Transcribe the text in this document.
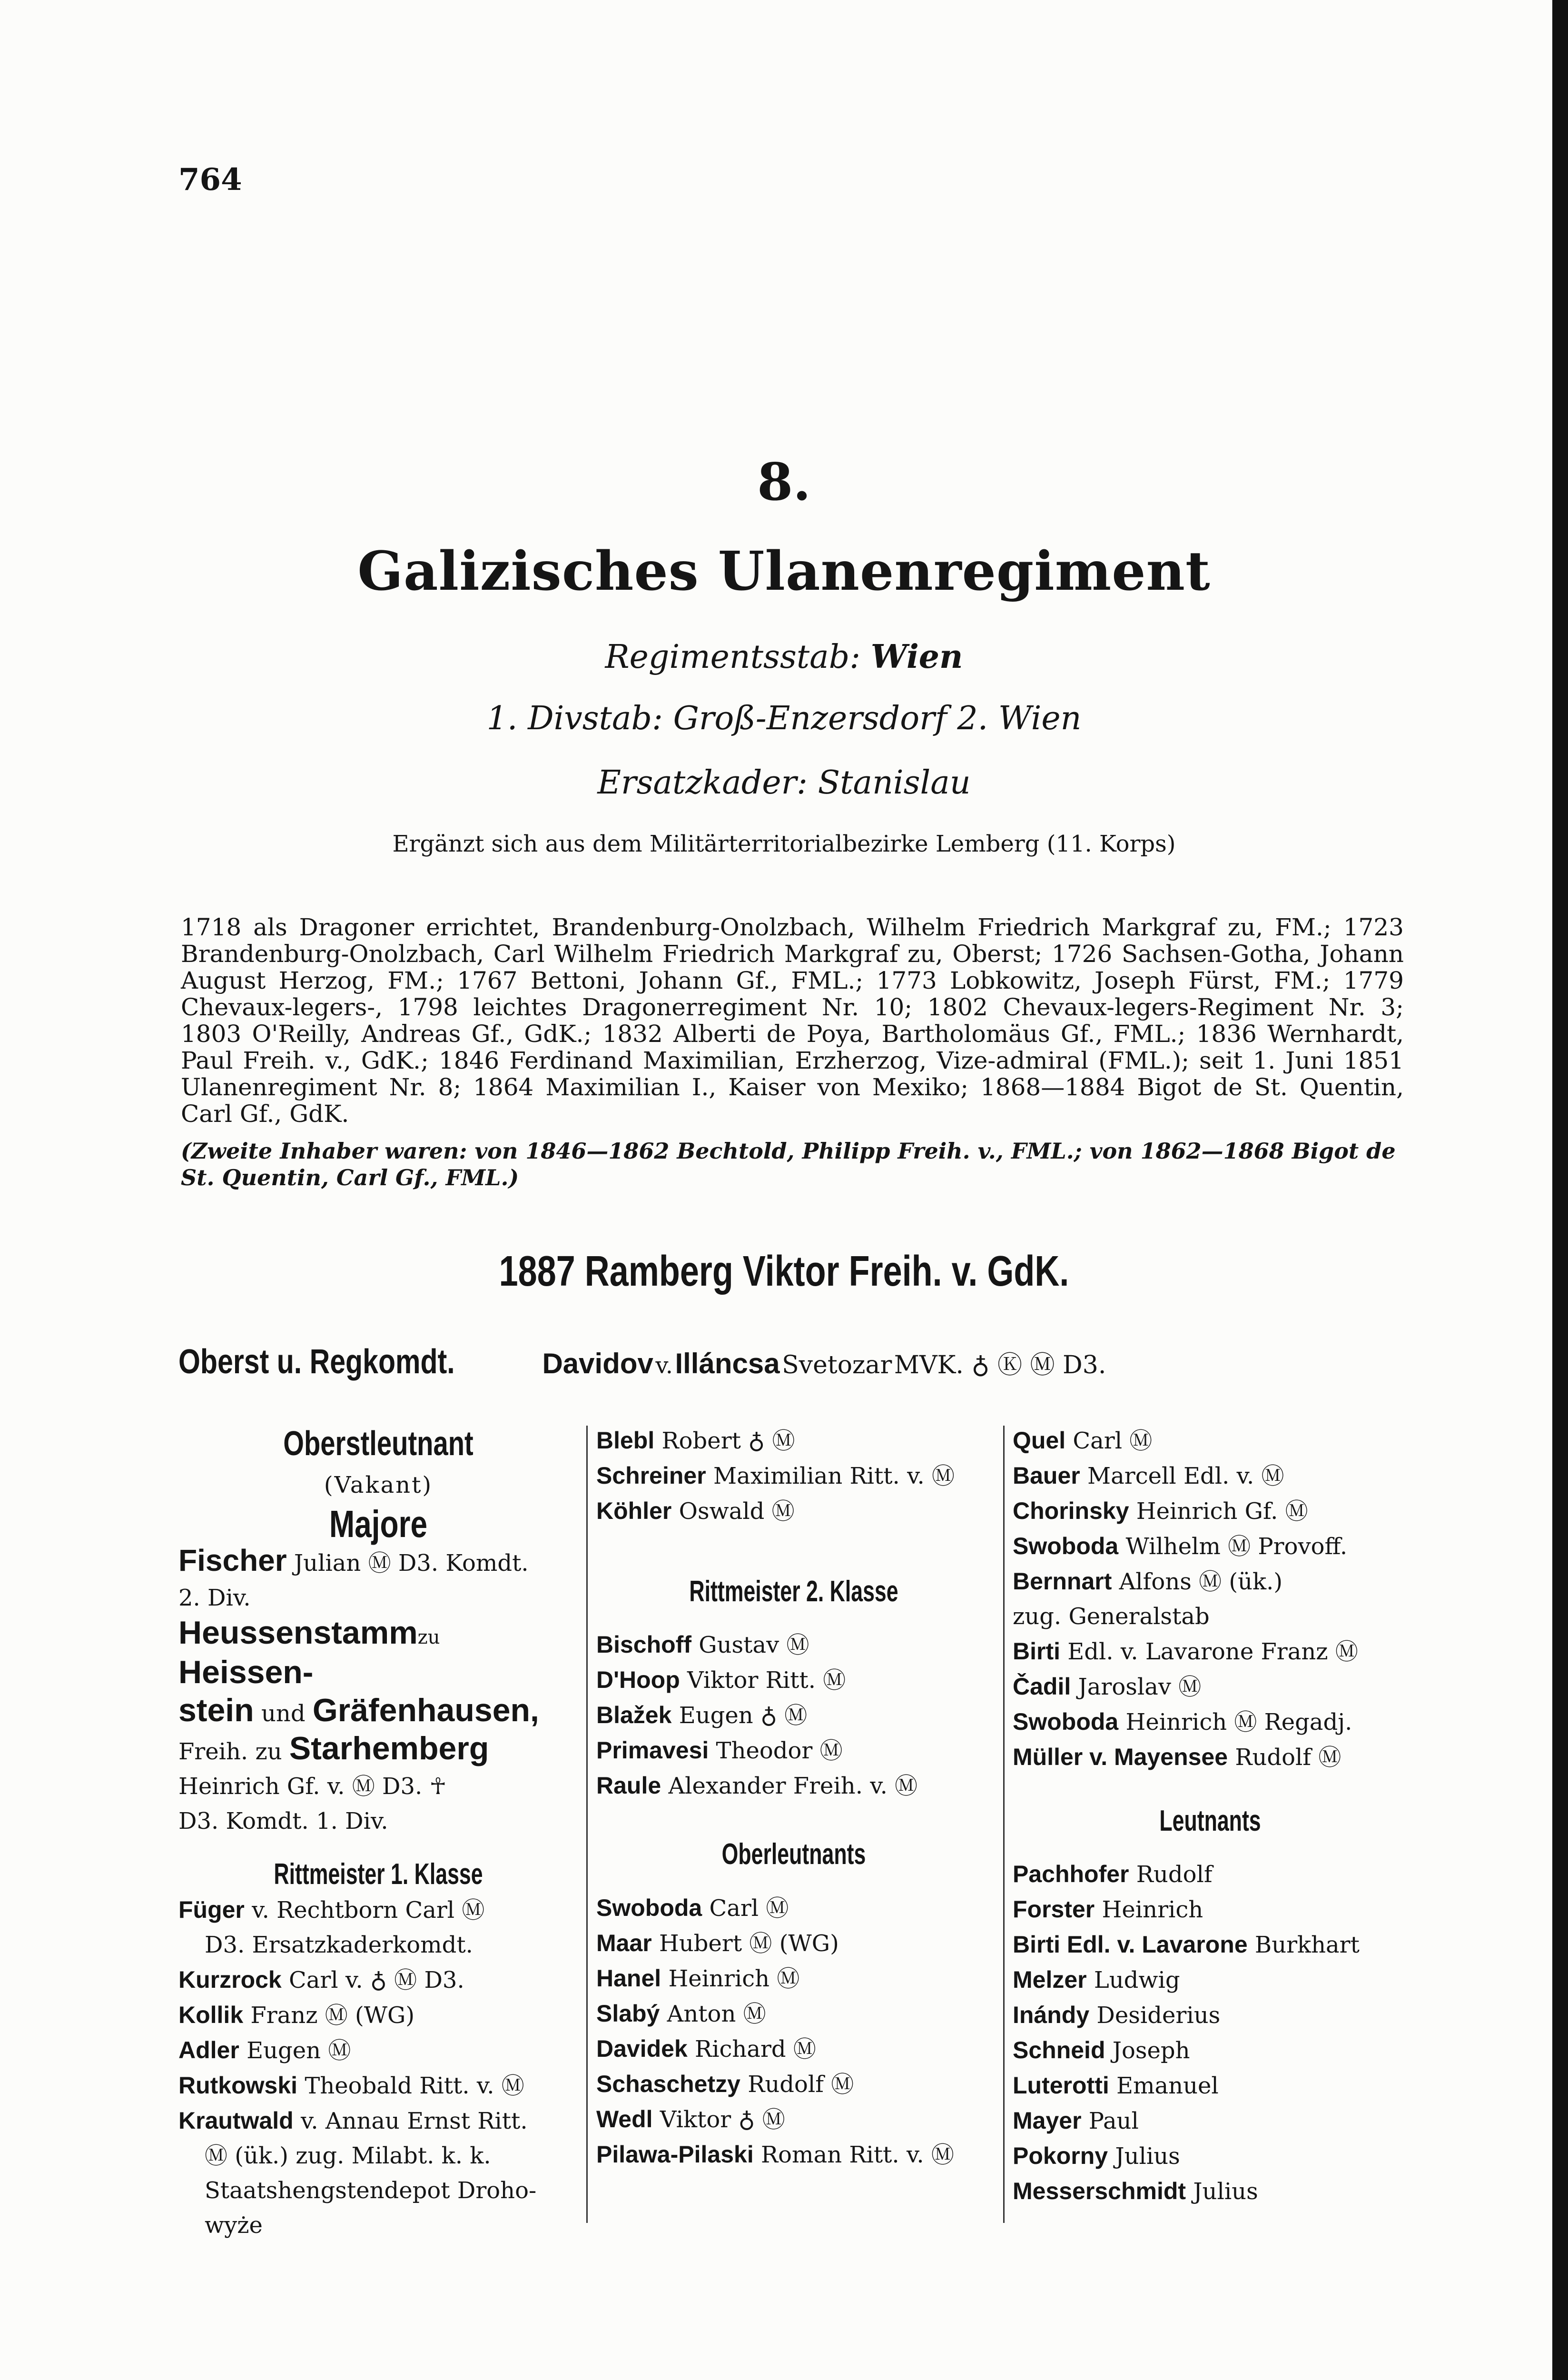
764
8.
Galizisches Ulanenregiment
Regimentsstab: Wien
1. Divstab: Groß-Enzersdorf 2. Wien
Ersatzkader: Stanislau
Ergänzt sich aus dem Militärterritorialbezirke Lemberg (11. Korps)
1718 als Dragoner errichtet, Brandenburg-Onolzbach, Wilhelm Friedrich Markgraf zu, FM.; 1723 Brandenburg-Onolzbach, Carl Wilhelm Friedrich Markgraf zu, Oberst; 1726 Sachsen-Gotha, Johann August Herzog, FM.; 1767 Bettoni, Johann Gf., FML.; 1773 Lobkowitz, Joseph Fürst, FM.; 1779 Chevaux-legers-, 1798 leichtes Dragonerregiment Nr. 10; 1802 Chevaux-legers-Regiment Nr. 3; 1803 O'Reilly, Andreas Gf., GdK.; 1832 Alberti de Poya, Bartholomäus Gf., FML.; 1836 Wernhardt, Paul Freih. v., GdK.; 1846 Ferdinand Maximilian, Erzherzog, Vize-admiral (FML.); seit 1. Juni 1851 Ulanenregiment Nr. 8; 1864 Maximilian I., Kaiser von Mexiko; 1868—1884 Bigot de St. Quentin, Carl Gf., GdK.
(Zweite Inhaber waren: von 1846—1862 Bechtold, Philipp Freih. v., FML.; von 1862—1868 Bigot de St. Quentin, Carl Gf., FML.)
1887 Ramberg Viktor Freih. v. GdK.
Oberst u. Regkomdt.	Davidov v. Illáncsa Svetozar MVK. ♁ Ⓚ Ⓜ D3.
Oberstleutnant
(Vakant)
Majore
Fischer Julian Ⓜ D3. Komdt.
2. Div.
Heussenstammzu Heissen-
stein und Gräfenhausen,
Freih. zu Starhemberg
Heinrich Gf. v. Ⓜ D3. ☥
D3. Komdt. 1. Div.
Rittmeister 1. Klasse
Füger v. Rechtborn Carl Ⓜ
D3. Ersatzkaderkomdt.
Kurzrock Carl v. ♁ Ⓜ D3.
Kollik Franz Ⓜ (WG)
Adler Eugen Ⓜ
Rutkowski Theobald Ritt. v. Ⓜ
Krautwald v. Annau Ernst Ritt.
Ⓜ (ük.) zug. Milabt. k. k.
Staatshengstendepot Droho-
wyże
Blebl Robert ♁ Ⓜ
Schreiner Maximilian Ritt. v. Ⓜ
Köhler Oswald Ⓜ
Rittmeister 2. Klasse
Bischoff Gustav Ⓜ
D'Hoop Viktor Ritt. Ⓜ
Blažek Eugen ♁ Ⓜ
Primavesi Theodor Ⓜ
Raule Alexander Freih. v. Ⓜ
Oberleutnants
Swoboda Carl Ⓜ
Maar Hubert Ⓜ (WG)
Hanel Heinrich Ⓜ
Slabý Anton Ⓜ
Davidek Richard Ⓜ
Schaschetzy Rudolf Ⓜ
Wedl Viktor ♁ Ⓜ
Pilawa-Pilaski Roman Ritt. v. Ⓜ
Quel Carl Ⓜ
Bauer Marcell Edl. v. Ⓜ
Chorinsky Heinrich Gf. Ⓜ
Swoboda Wilhelm Ⓜ Provoff.
Bernnart Alfons Ⓜ (ük.)
zug. Generalstab
Birti Edl. v. Lavarone Franz Ⓜ
Čadil Jaroslav Ⓜ
Swoboda Heinrich Ⓜ Regadj.
Müller v. Mayensee Rudolf Ⓜ
Leutnants
Pachhofer Rudolf
Forster Heinrich
Birti Edl. v. Lavarone Burkhart
Melzer Ludwig
Inándy Desiderius
Schneid Joseph
Luterotti Emanuel
Mayer Paul
Pokorny Julius
Messerschmidt Julius
